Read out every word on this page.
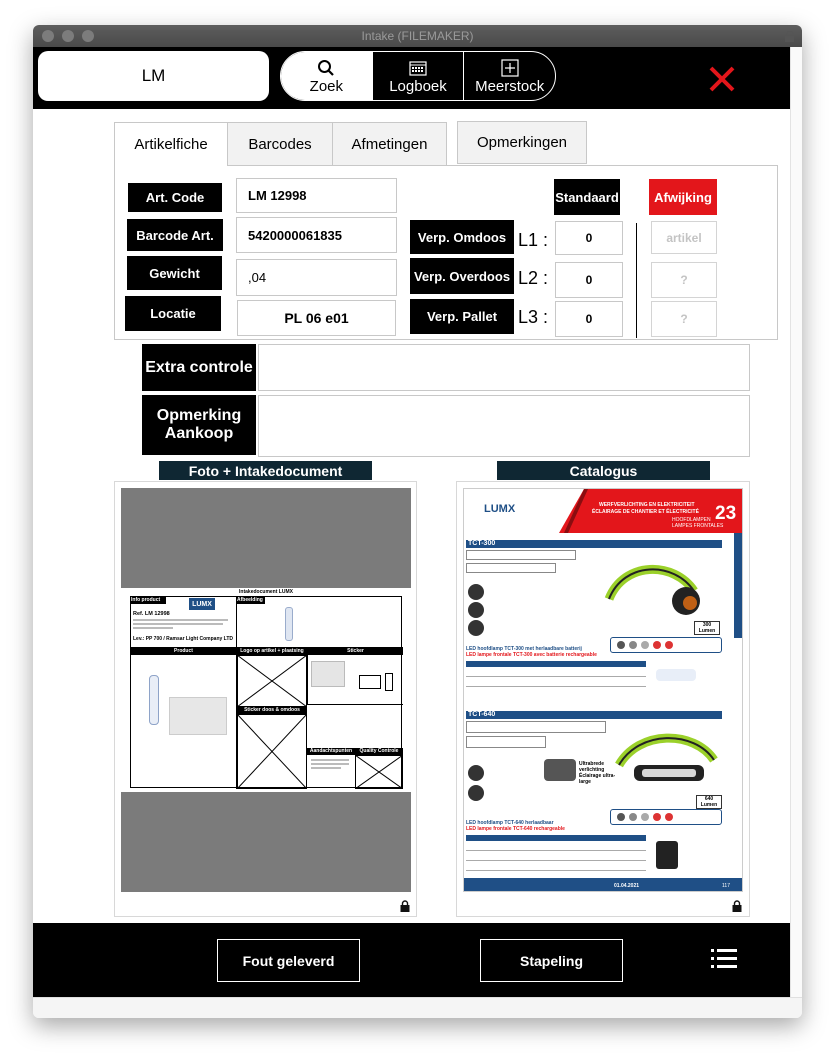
Intake (FILEMAKER)
LM
Zoek	Logboek Meerstock
Artikelfiche	Barcodes	Afmetingen	Opmerkingen
Art. Code	LM 12998
Barcode Art.	5420000061835
Gewicht	,04
Locatie	PL 06 e01
Standaard	Afwijking
Verp. Omdoos L1 :	0	artikel
Verp. Overdoos L2 :	0	?
Verp. Pallet	L3 :	0	?
Extra controle
Opmerking Aankoop
Foto + Intakedocument	Catalogus
Intakedocument LUMX
Info product
LUMX
Ref. LM 12998
Lev.: PP 700 / Ramsar Light Company LTD
Afbeelding
Product	Logo op artikel + plaatsing	Sticker
Sticker doos & omdoos
Aandachtspunten	Quality Controle
LUMX	WERFVERLICHTING EN ELEKTRICITEIT
ÉCLAIRAGE DE CHANTIER ET ÉLECTRICITÉ
HOOFDLAMPEN
LAMPES FRONTALES
23
TCT-300
300 Lumen
LED hoofdlamp TCT-300 met herlaadbare batterij
LED lampe frontale TCT-300 avec batterie rechargeable
TCT-640
Ultrabrede verlichting Éclairage ultra-large
640 Lumen
LED hoofdlamp TCT-640 herlaadbaar
LED lampe frontale TCT-640 rechargeable
01.04.2021	117
Fout geleverd	Stapeling
